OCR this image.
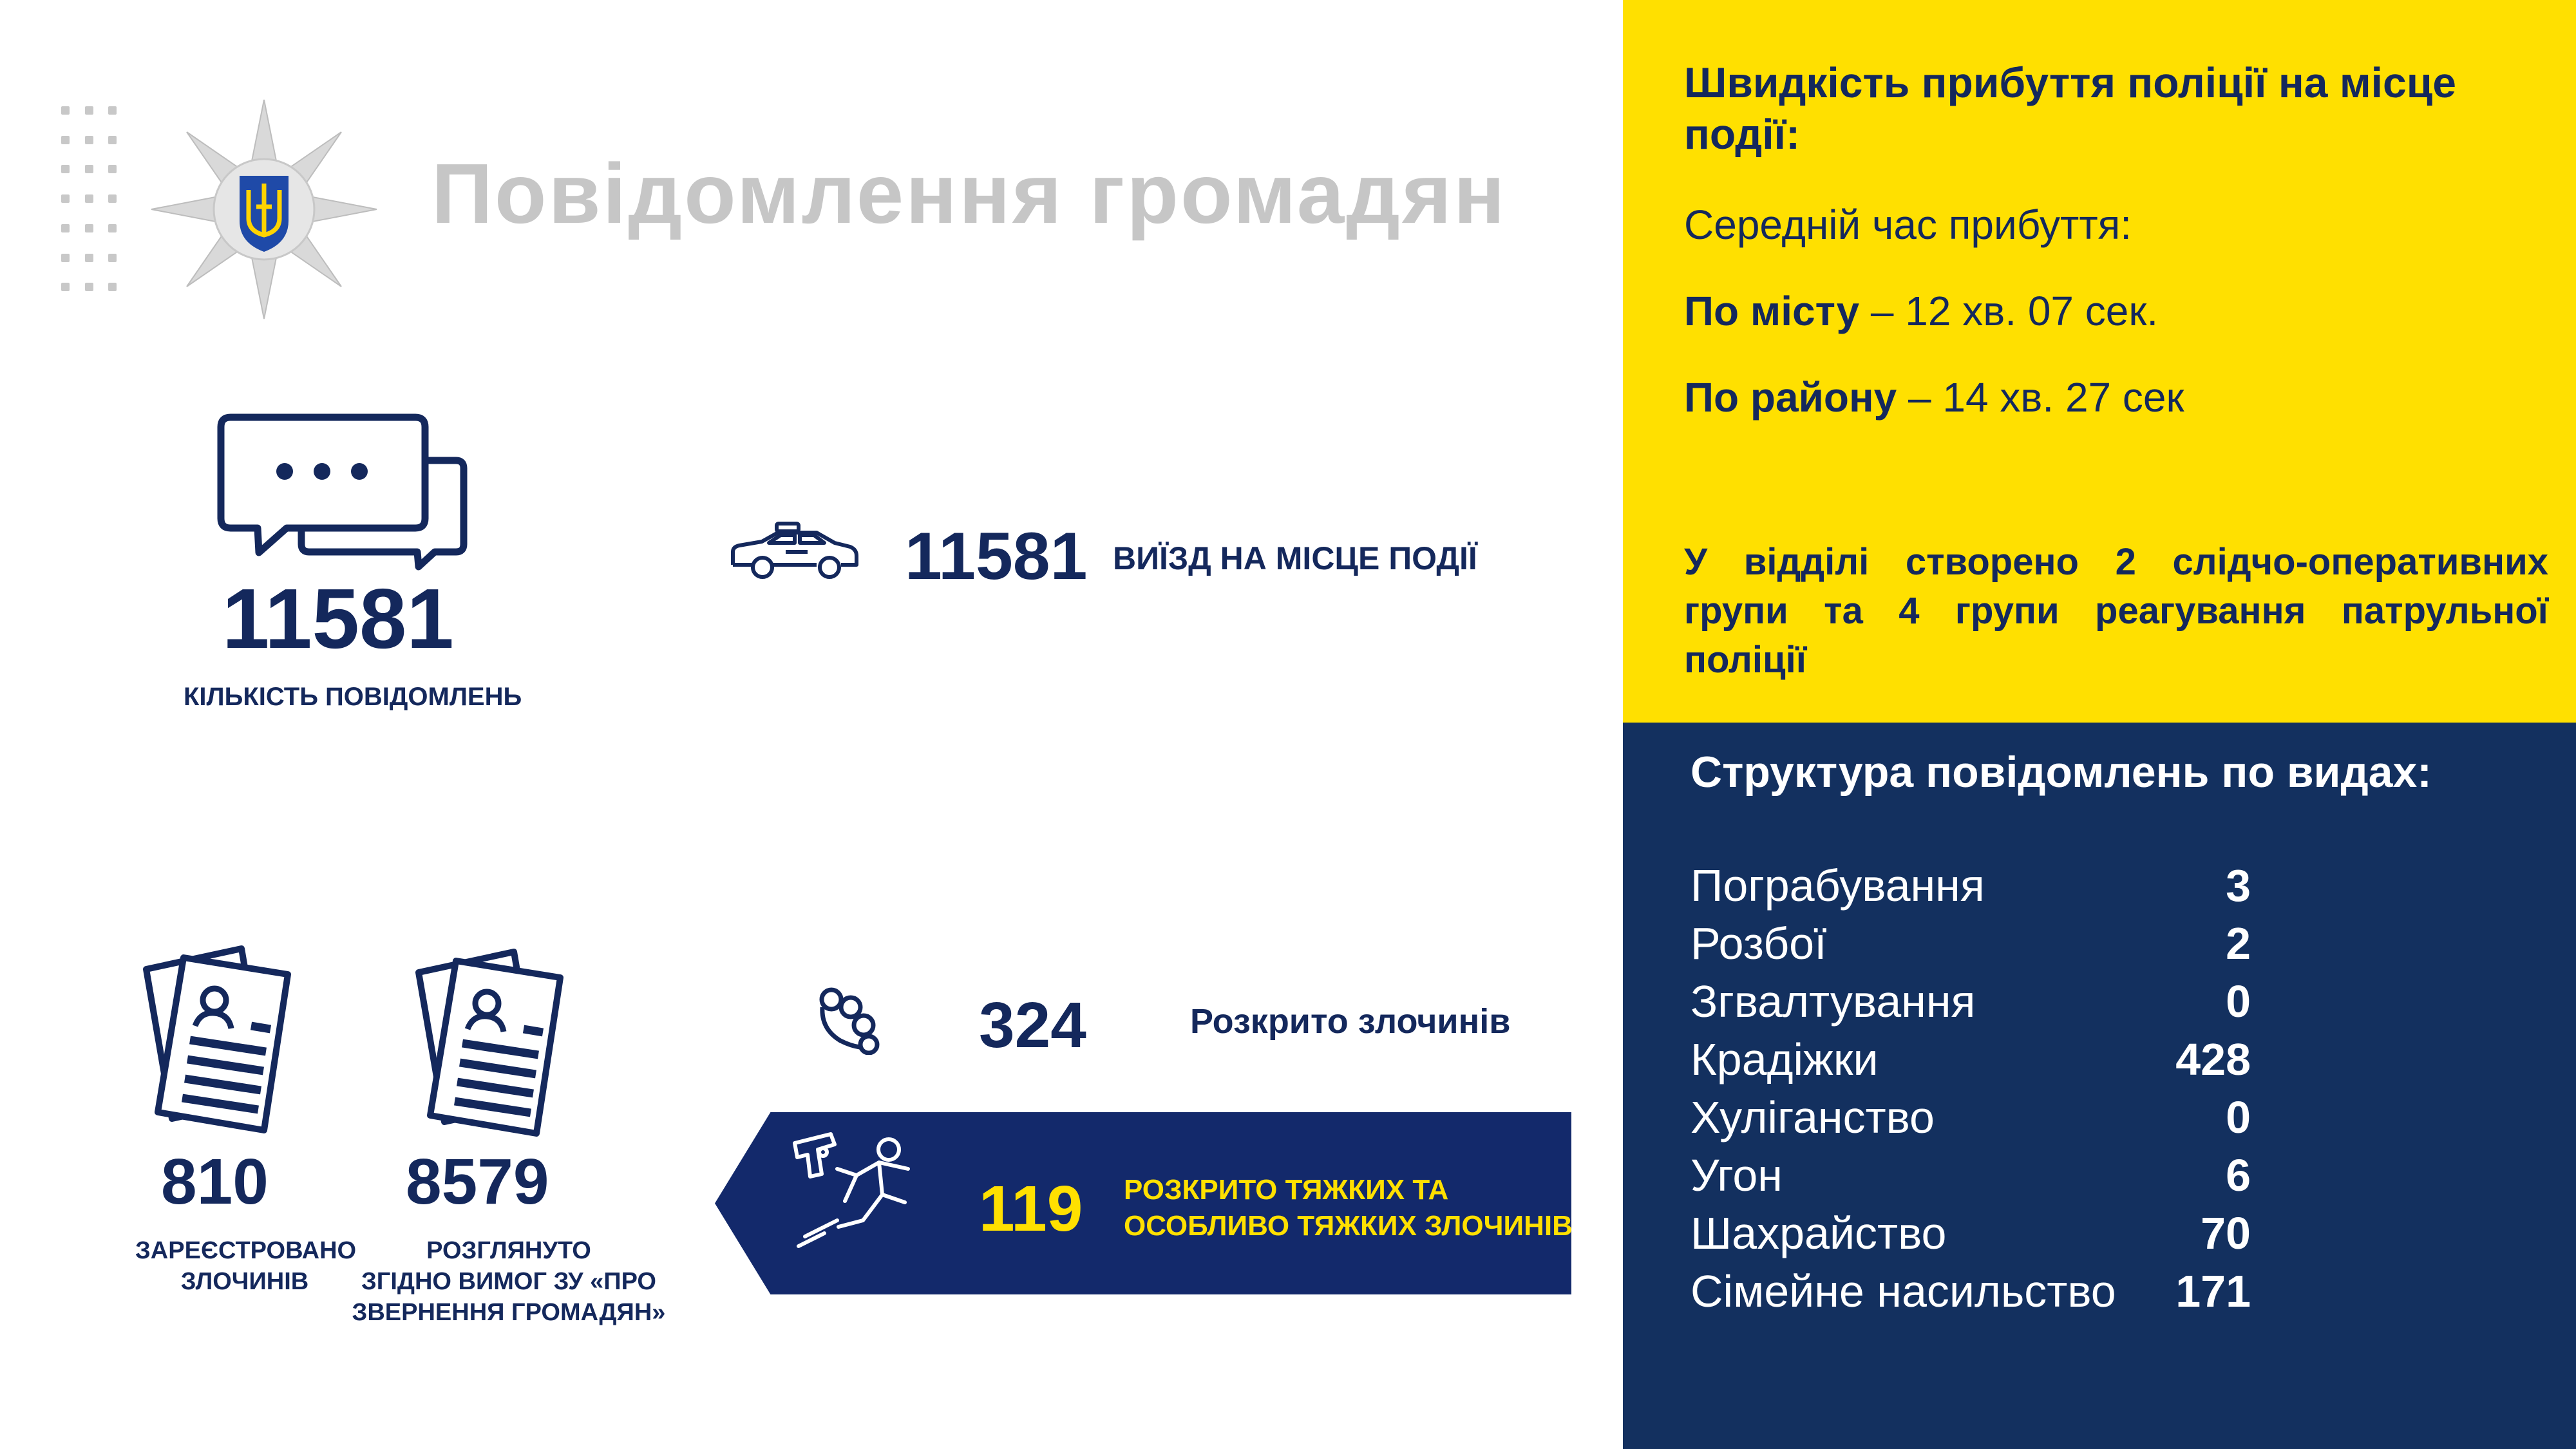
Повідомлення громадян
11581
КІЛЬКІСТЬ ПОВІДОМЛЕНЬ
11581 ВИЇЗД НА МІСЦЕ ПОДІЇ
810
ЗАРЕЄСТРОВАНО
ЗЛОЧИНІВ
8579
РОЗГЛЯНУТО
ЗГІДНО ВИМОГ ЗУ «ПРО
ЗВЕРНЕННЯ ГРОМАДЯН»
324	Розкрито злочинів
119 РОЗКРИТО ТЯЖКИХ ТА
ОСОБЛИВО ТЯЖКИХ ЗЛОЧИНІВ
Швидкість прибуття поліції на місце події:
Середній час прибуття:
По місту – 12 хв. 07 сек.
По району – 14 хв. 27 сек
У відділі створено 2 слідчо-оперативних групи та 4 групи реагування патрульної поліції
Структура повідомлень по видах:
Пограбування	3
Розбої	2
Згвалтування	0
Крадіжки	428
Хуліганство	0
Угон	6
Шахрайство	70
Сімейне насильство 171
